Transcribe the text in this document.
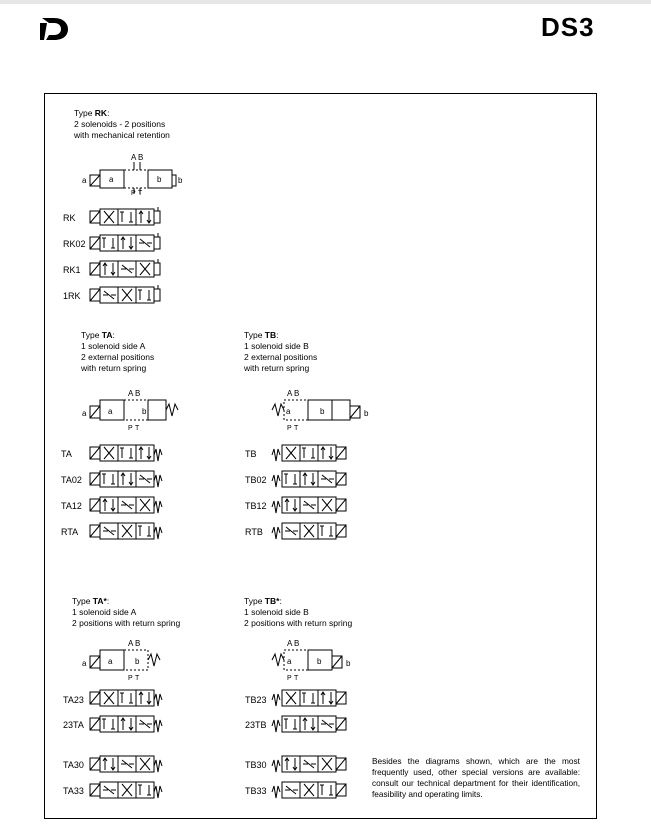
DS3
Type RK:
2 solenoids - 2 positions
with mechanical retention
Type TA:
1 solenoid side A
2 external positions
with return spring
Type TB:
1 solenoid side B
2 external positions
with return spring
Type TA*:
1 solenoid side A
2 positions with return spring
Type TB*:
1 solenoid side B
2 positions with return spring
RK
RK02
RK1
1RK
TA
TA02
TA12
RTA
TB
TB02
TB12
RTB
TA23
23TA
TA30
TA33
TB23
23TB
TB30
TB33
a	a
A B
P T
b b
a	a
A B
b
P T
A B
a	b
P T
b
a	a
A B
b
P T
A B
a	b
P T
b
Besides the diagrams shown, which are the most frequently used, other special versions are available: consult our technical department for their identification, feasibility and operating limits.
